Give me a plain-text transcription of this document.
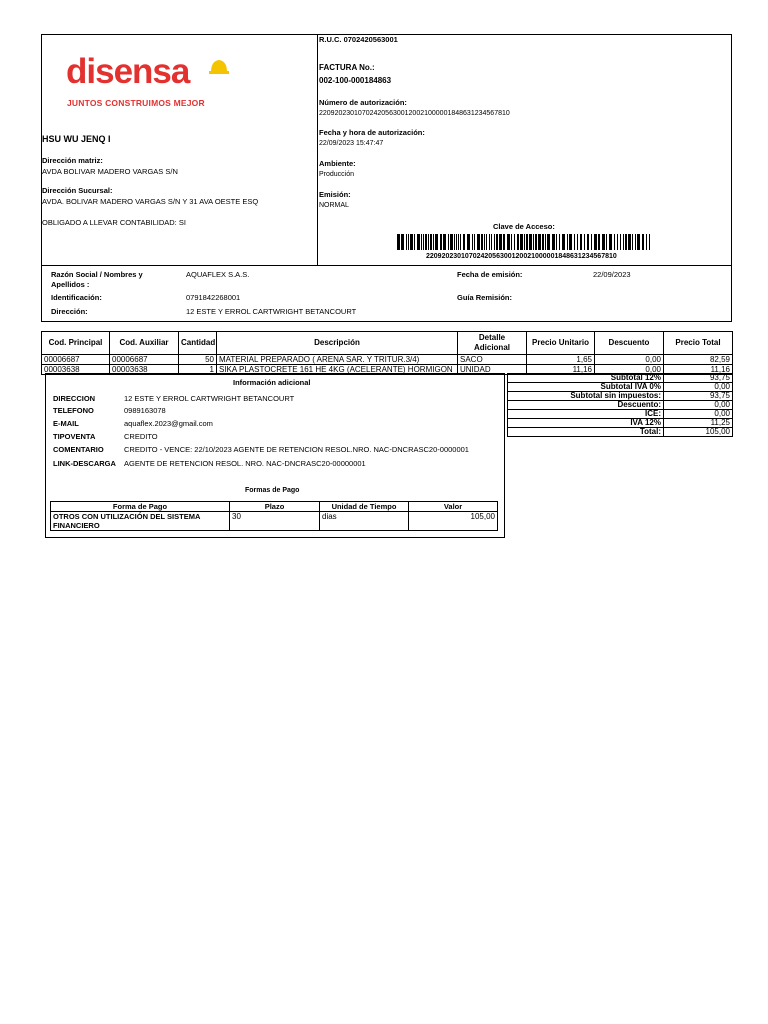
disensa
JUNTOS CONSTRUIMOS MEJOR
HSU WU JENQ I
Dirección matriz:
AVDA BOLIVAR MADERO VARGAS S/N
Dirección Sucursal:
AVDA. BOLIVAR MADERO VARGAS S/N Y 31 AVA OESTE ESQ
OBLIGADO A LLEVAR CONTABILIDAD: SI
R.U.C. 0702420563001
FACTURA No.:
002-100-000184863
Número de autorización:
2209202301070242056300120021000001848631234567810
Fecha y hora de autorización:
22/09/2023 15:47:47
Ambiente:
Producción
Emisión:
NORMAL
Clave de Acceso:
2209202301070242056300120021000001848631234567810
Razón Social / Nombres y Apellidos :
AQUAFLEX S.A.S.	Fecha de emisión:	22/09/2023
Identificación:	0791842268001	Guía Remisión:
Dirección:	12 ESTE Y ERROL CARTWRIGHT BETANCOURT
Cod. Principal	Cod. Auxiliar	Cantidad	Descripción	Detalle Adicional	Precio Unitario	Descuento	Precio Total
00006687	00006687	50	MATERIAL PREPARADO ( ARENA SAR. Y TRITUR.3/4)	SACO	1,65	0,00	82,59
00003638	00003638	1	SIKA PLASTOCRETE 161 HE 4KG (ACELERANTE) HORMIGON	UNIDAD	11,16	0,00	11,16
Información adicional
DIRECCION	12 ESTE Y ERROL CARTWRIGHT BETANCOURT
TELEFONO	0989163078
E-MAIL	aquaflex.2023@gmail.com
TIPOVENTA	CREDITO
COMENTARIO	CREDITO - VENCE: 22/10/2023 AGENTE DE RETENCION RESOL.NRO. NAC-DNCRASC20-0000001
LINK-DESCARGA AGENTE DE RETENCION RESOL. NRO. NAC-DNCRASC20-00000001
Formas de Pago
Forma de Pago	Plazo	Unidad de Tiempo	Valor
OTROS CON UTILIZACIÓN DEL SISTEMA FINANCIERO	30	dias	105,00
Subtotal 12%	93,75
Subtotal IVA 0%	0,00
Subtotal sin impuestos:	93,75
Descuento:	0,00
ICE:	0,00
IVA 12%	11,25
Total:	105,00
